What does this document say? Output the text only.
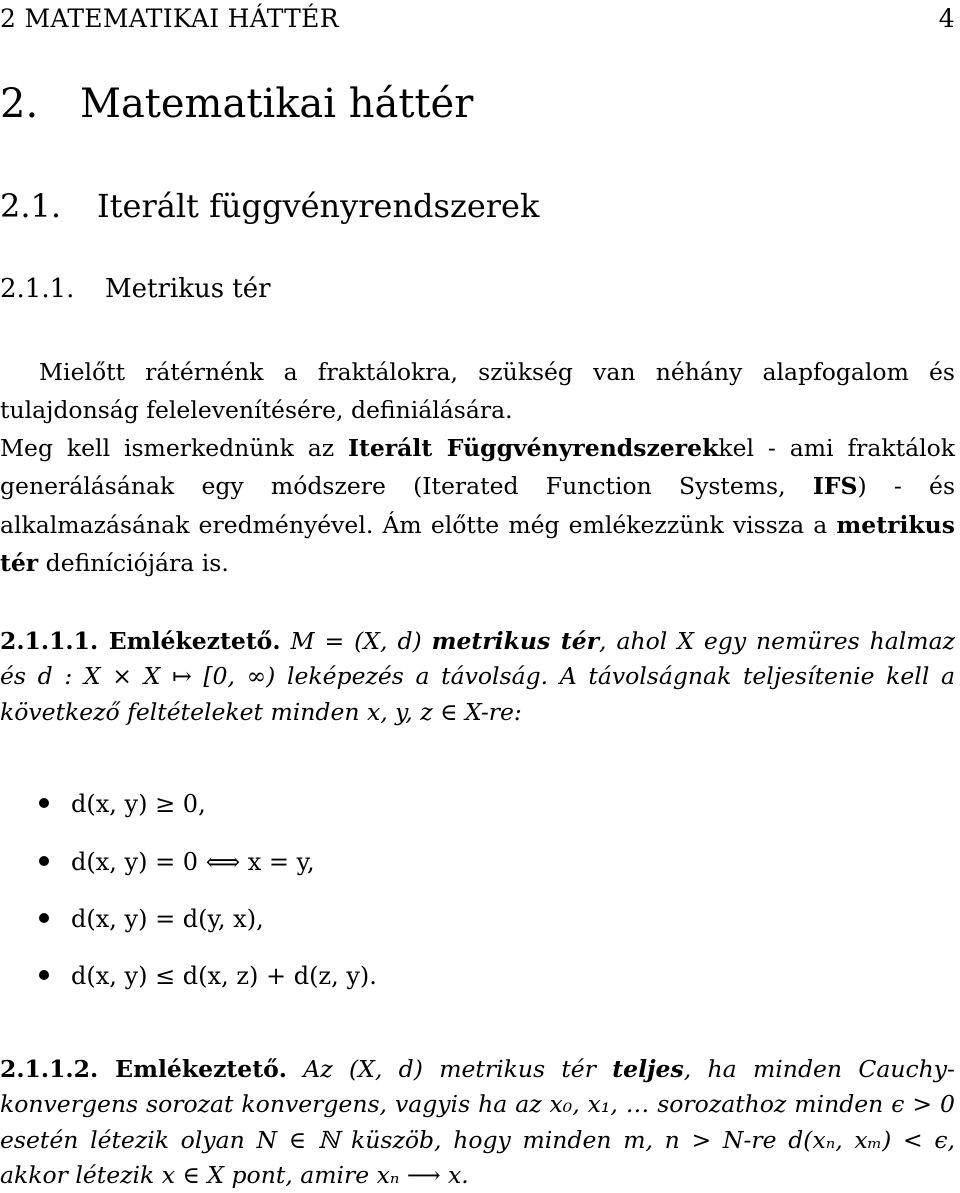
2 MATEMATIKAI HÁTTÉR	4
2. Matematikai háttér
2.1. Iterált függvényrendszerek
2.1.1. Metrikus tér

Mielőtt rátérnénk a fraktálokra, szükség van néhány alapfogalom és tulajdonság felelevenítésére, definiálására.

Meg kell ismerkednünk az Iterált Függvényrendszerekkel - ami fraktálok generálásának egy módszere (Iterated Function Systems, IFS) - és alkalmazásának eredményével. Ám előtte még emlékezzünk vissza a metrikus tér definíciójára is.

2.1.1.1. Emlékeztető. M = (X, d) metrikus tér, ahol X egy nemüres halmaz és d : X × X ↦ [0, ∞) leképezés a távolság. A távolságnak teljesítenie kell a következő feltételeket minden x, y, z ∈ X-re:

d(x, y) ≥ 0,
d(x, y) = 0 ⟺ x = y,
d(x, y) = d(y, x),
d(x, y) ≤ d(x, z) + d(z, y).

2.1.1.2. Emlékeztető. Az (X, d) metrikus tér teljes, ha minden Cauchy-konvergens sorozat konvergens, vagyis ha az x₀, x₁, … sorozathoz minden ϵ > 0 esetén létezik olyan N ∈ ℕ küszöb, hogy minden m, n > N-re d(xₙ, xₘ) < ϵ, akkor létezik x ∈ X pont, amire xₙ ⟶ x.
